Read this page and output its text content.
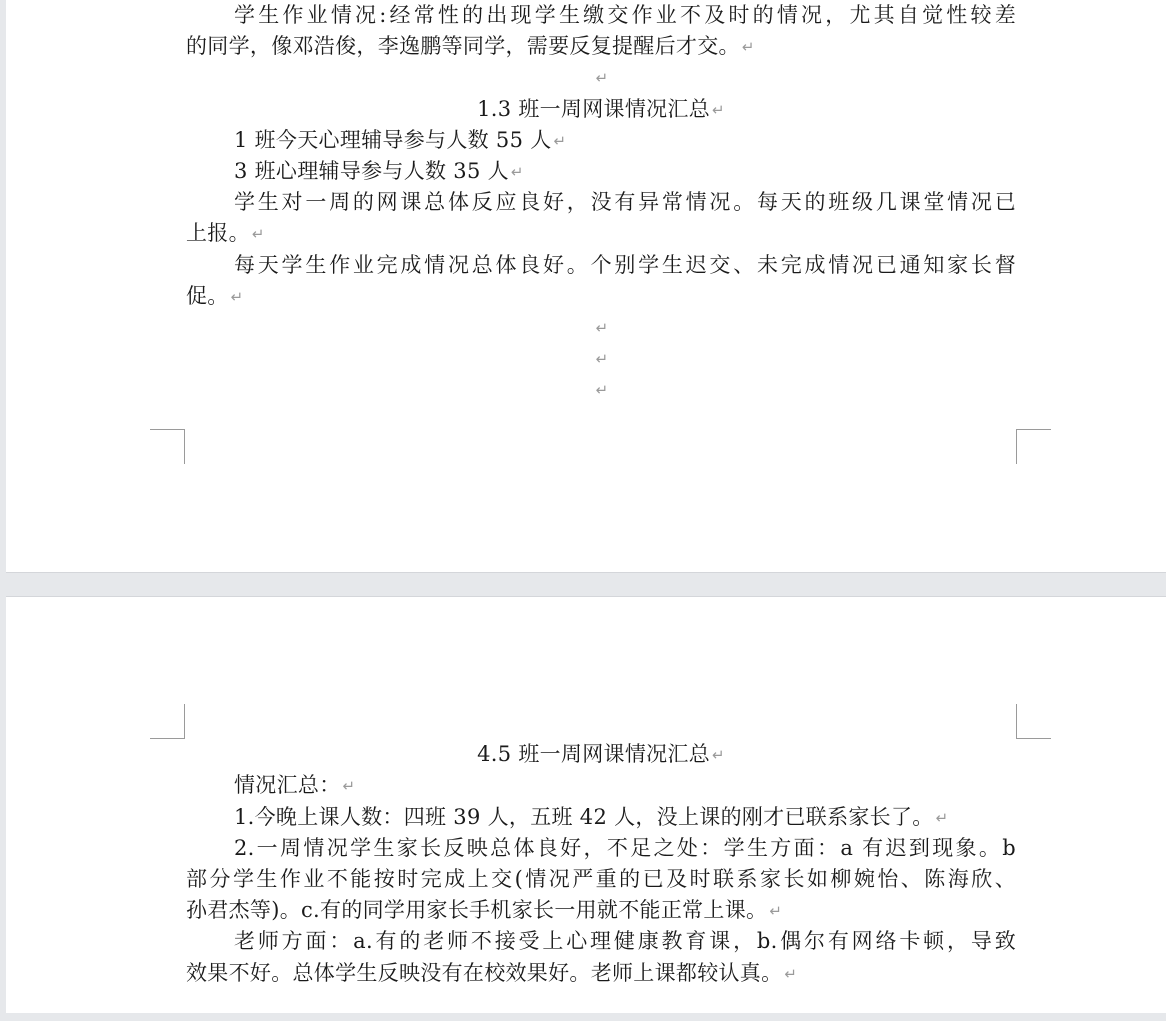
学生作业情况:经常性的出现学生缴交作业不及时的情况，尤其自觉性较差
的同学，像邓浩俊，李逸鹏等同学，需要反复提醒后才交。 ↵
↵
1.3 班一周网课情况汇总 ↵
1 班今天心理辅导参与人数 55 人 ↵
3 班心理辅导参与人数 35 人 ↵
学生对一周的网课总体反应良好，没有异常情况。每天的班级几课堂情况已
上报。 ↵
每天学生作业完成情况总体良好。个别学生迟交、未完成情况已通知家长督
促。 ↵
↵
↵
↵
4.5 班一周网课情况汇总 ↵
情况汇总： ↵
1.今晚上课人数：四班 39 人，五班 42 人，没上课的刚才已联系家长了。 ↵
2.一周情况学生家长反映总体良好，不足之处：学生方面：a 有迟到现象。b
部分学生作业不能按时完成上交(情况严重的已及时联系家长如柳婉怡、陈海欣、
孙君杰等)。c.有的同学用家长手机家长一用就不能正常上课。 ↵
老师方面：a.有的老师不接受上心理健康教育课，b.偶尔有网络卡顿，导致
效果不好。总体学生反映没有在校效果好。老师上课都较认真。 ↵
